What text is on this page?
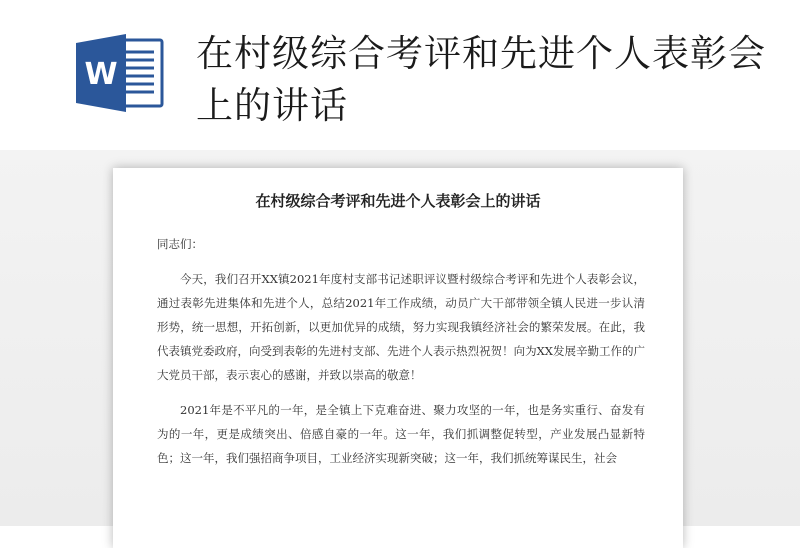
W 在村级综合考评和先进个人表彰会上的讲话
在村级综合考评和先进个人表彰会上的讲话

同志们：

今天，我们召开XX镇2021年度村支部书记述职评议暨村级综合考评和先进个人表彰会议，通过表彰先进集体和先进个人，总结2021年工作成绩，动员广大干部带领全镇人民进一步认清形势，统一思想，开拓创新，以更加优异的成绩，努力实现我镇经济社会的繁荣发展。在此，我代表镇党委政府，向受到表彰的先进村支部、先进个人表示热烈祝贺！向为XX发展辛勤工作的广大党员干部，表示衷心的感谢，并致以崇高的敬意！

2021年是不平凡的一年，是全镇上下克难奋进、聚力攻坚的一年，也是务实重行、奋发有为的一年，更是成绩突出、倍感自豪的一年。这一年，我们抓调整促转型，产业发展凸显新特色；这一年，我们强招商争项目，工业经济实现新突破；这一年，我们抓统筹谋民生，社会
